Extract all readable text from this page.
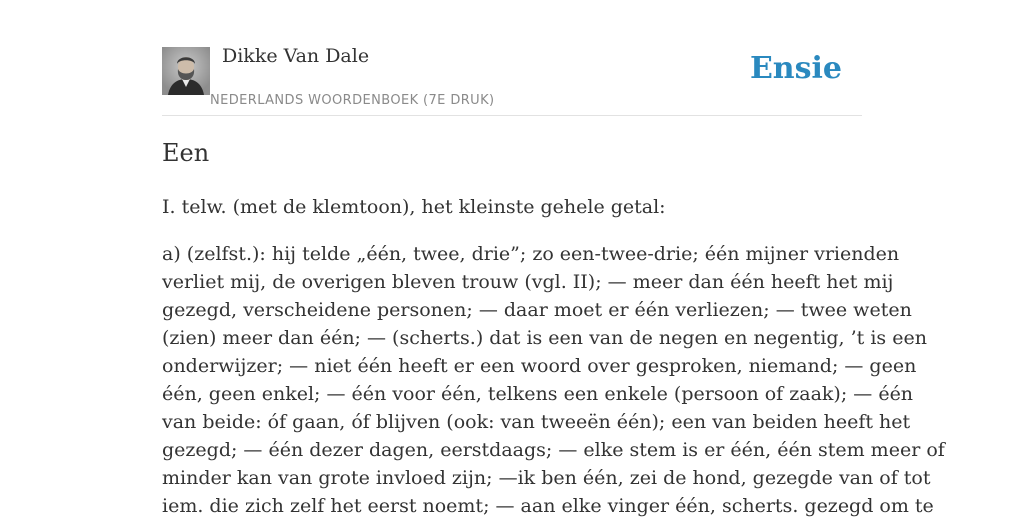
Dikke Van Dale
NEDERLANDS WOORDENBOEK (7E DRUK)
Ensie
Een

I. telw. (met de klemtoon), het kleinste gehele getal:

a) (zelfst.): hij telde „één, twee, drie”; zo een-twee-drie; één mijner vrienden
verliet mij, de overigen bleven trouw (vgl. II); — meer dan één heeft het mij
gezegd, verscheidene personen; — daar moet er één verliezen; — twee weten
(zien) meer dan één; — (scherts.) dat is een van de negen en negentig, ’t is een
onderwijzer; — niet één heeft er een woord over gesproken, niemand; — geen
één, geen enkel; — één voor één, telkens een enkele (persoon of zaak); — één
van beide: óf gaan, óf blijven (ook: van tweeën één); een van beiden heeft het
gezegd; — één dezer dagen, eerstdaags; — elke stem is er één, één stem meer of
minder kan van grote invloed zijn; —ik ben één, zei de hond, gezegde van of tot
iem. die zich zelf het eerst noemt; — aan elke vinger één, scherts. gezegd om te
